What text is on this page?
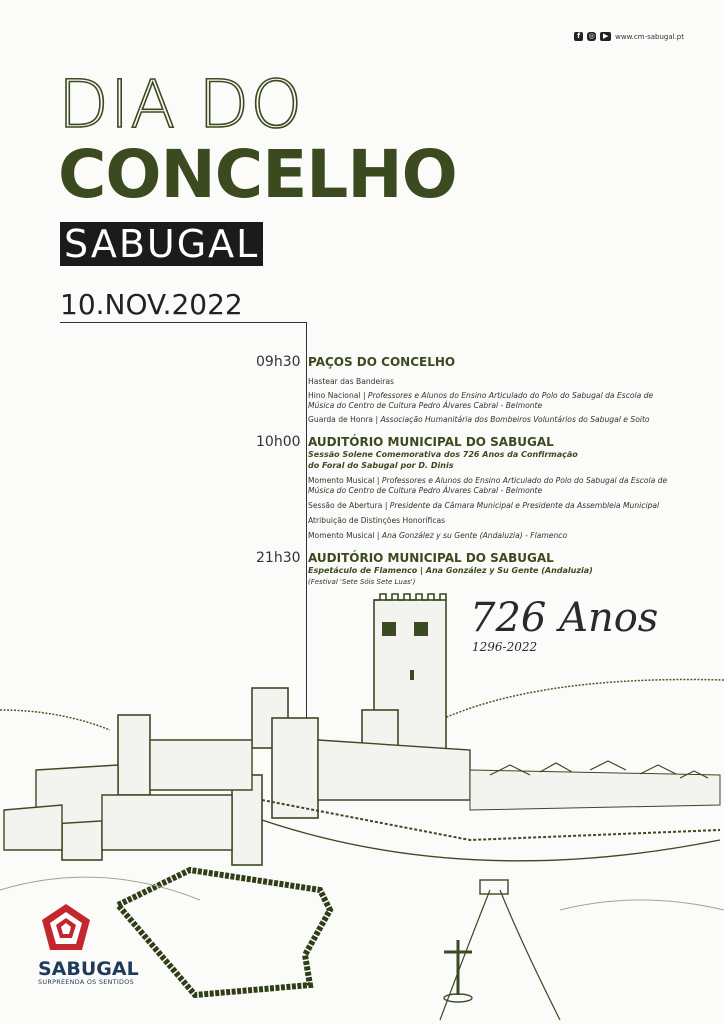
f	◎	▶ www.cm-sabugal.pt
DIA DO
CONCELHO
SABUGAL
10.NOV.2022
09h30 PAÇOS DO CONCELHO
Hastear das Bandeiras
Hino Nacional | Professores e Alunos do Ensino Articulado do Polo do Sabugal da Escola de Música do Centro de Cultura Pedro Álvares Cabral - Belmonte
Guarda de Honra | Associação Humanitária dos Bombeiros Voluntários do Sabugal e Soito
10h00 AUDITÓRIO MUNICIPAL DO SABUGAL
Sessão Solene Comemorativa dos 726 Anos da Confirmação
do Foral do Sabugal por D. Dinis
Momento Musical | Professores e Alunos do Ensino Articulado do Polo do Sabugal da Escola de Música do Centro de Cultura Pedro Álvares Cabral - Belmonte
Sessão de Abertura | Presidente da Câmara Municipal e Presidente da Assembleia Municipal
Atribuição de Distinções Honoríficas
Momento Musical | Ana González y su Gente (Andaluzia) - Flamenco
21h30 AUDITÓRIO MUNICIPAL DO SABUGAL
Espetáculo de Flamenco | Ana González y Su Gente (Andaluzia)
(Festival 'Sete Sóis Sete Luas')
726 Anos
1296-2022
SABUGAL
SURPREENDA OS SENTIDOS
